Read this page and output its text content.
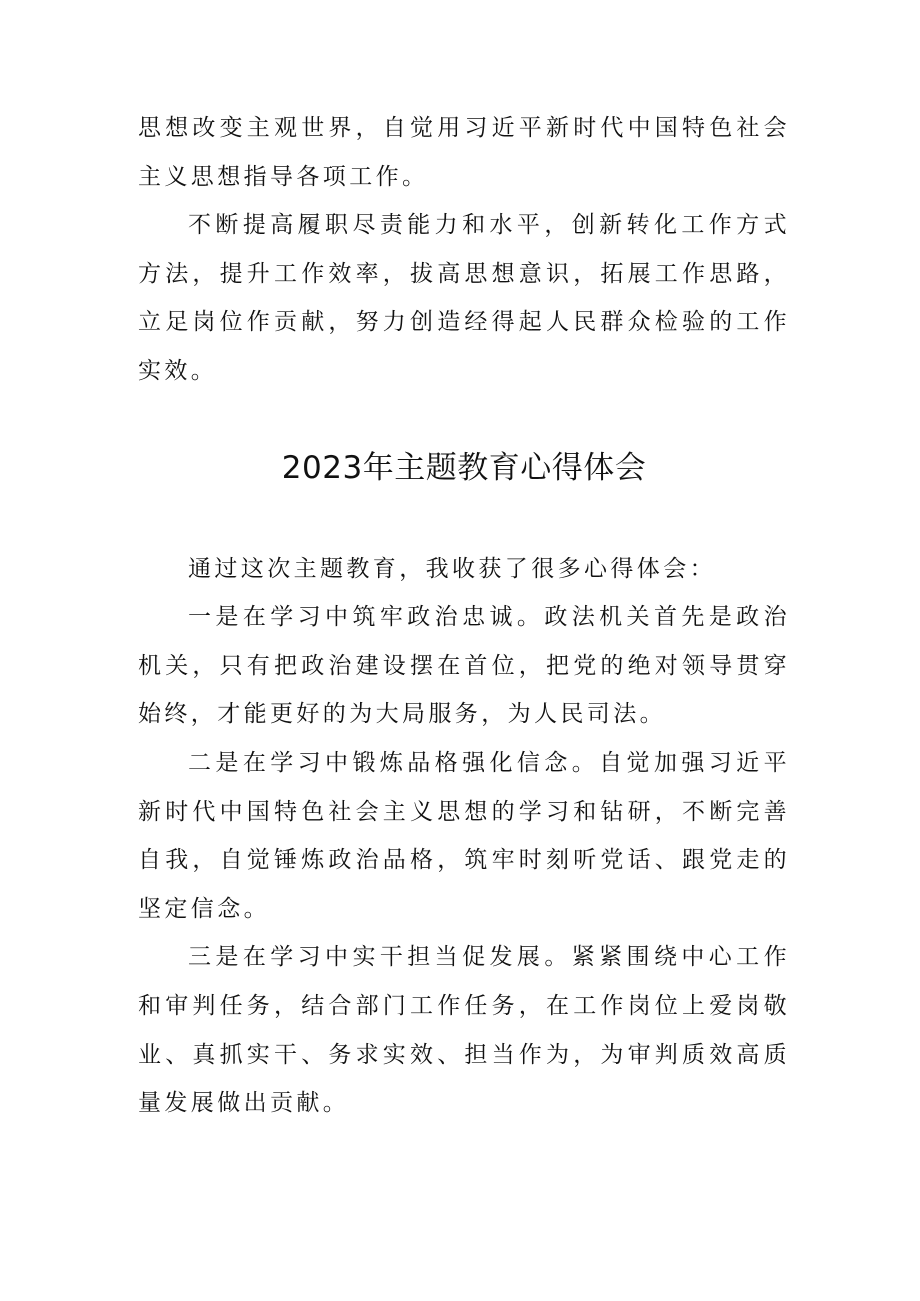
思想改变主观世界，自觉用习近平新时代中国特色社会主义思想指导各项工作。

不断提高履职尽责能力和水平，创新转化工作方式方法，提升工作效率，拔高思想意识，拓展工作思路，立足岗位作贡献，努力创造经得起人民群众检验的工作实效。

2023年主题教育心得体会

通过这次主题教育，我收获了很多心得体会：

一是在学习中筑牢政治忠诚。政法机关首先是政治机关，只有把政治建设摆在首位，把党的绝对领导贯穿始终，才能更好的为大局服务，为人民司法。

二是在学习中锻炼品格强化信念。自觉加强习近平新时代中国特色社会主义思想的学习和钻研，不断完善自我，自觉锤炼政治品格，筑牢时刻听党话、跟党走的坚定信念。

三是在学习中实干担当促发展。紧紧围绕中心工作和审判任务，结合部门工作任务，在工作岗位上爱岗敬业、真抓实干、务求实效、担当作为，为审判质效高质量发展做出贡献。
